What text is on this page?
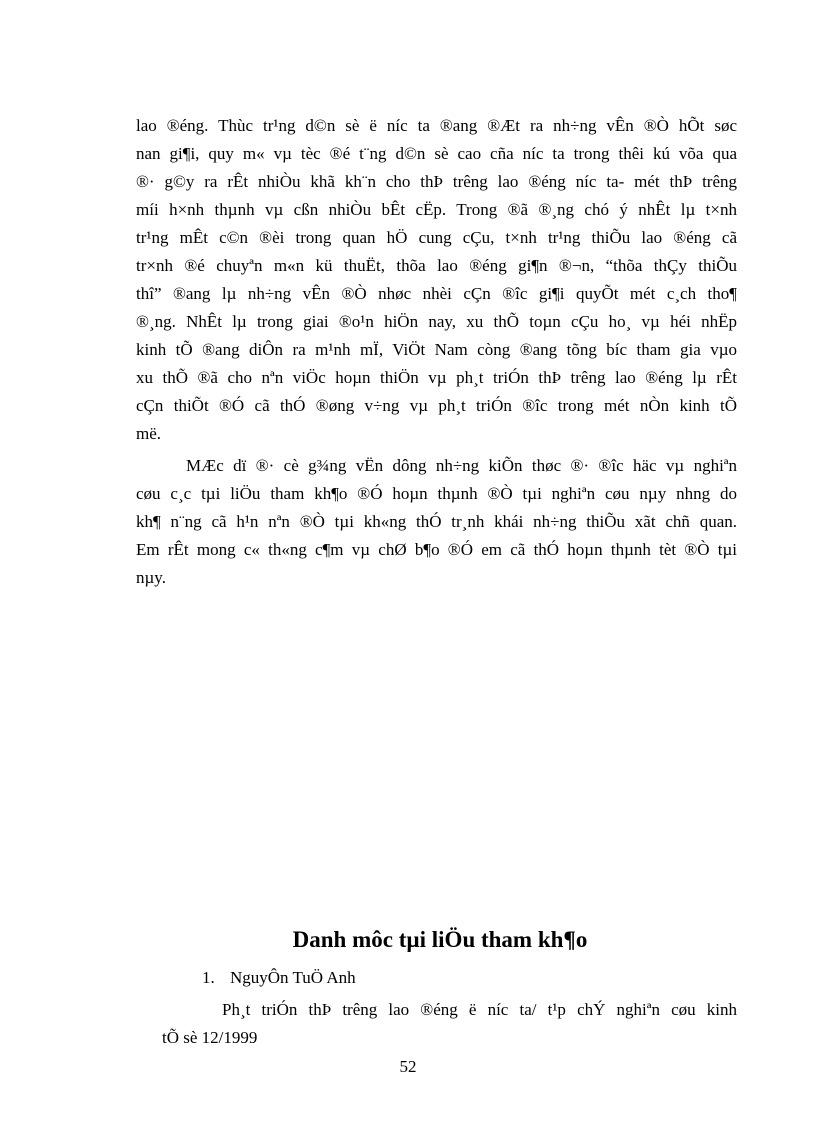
lao ®éng. Thùc tr¹ng d©n sè ë níc ta ®ang ®Æt ra nh÷ng vÊn ®Ò hÕt søc
nan gi¶i, quy m« vµ tèc ®é t¨ng d©n sè cao cña níc ta trong thêi kú võa qua
®· g©y ra rÊt nhiÒu khã kh¨n cho thÞ trêng lao ®éng níc ta- mét thÞ trêng
míi h×nh thµnh vµ cßn nhiÒu bÊt cËp. Trong ®ã ®¸ng chó ý nhÊt lµ t×nh
tr¹ng mÊt c©n ®èi trong quan hÖ cung cÇu, t×nh tr¹ng thiÕu lao ®éng cã
tr×nh ®é chuyªn m«n kü thuËt, thõa lao ®éng gi¶n ®¬n, “thõa thÇy thiÕu
thî” ®ang lµ nh÷ng vÊn ®Ò nhøc nhèi cÇn ®îc gi¶i quyÕt mét c¸ch tho¶
®¸ng. NhÊt lµ trong giai ®o¹n hiÖn nay, xu thÕ toµn cÇu ho¸ vµ héi nhËp
kinh tÕ ®ang diÔn ra m¹nh mÏ, ViÖt Nam còng ®ang tõng bíc tham gia vµo
xu thÕ ®ã cho nªn viÖc hoµn thiÖn vµ ph¸t triÓn thÞ trêng lao ®éng lµ rÊt
cÇn thiÕt ®Ó cã thÓ ®øng v÷ng vµ ph¸t triÓn ®îc trong mét nÒn kinh tÕ
më.
MÆc dï ®· cè g¾ng vËn dông nh÷ng kiÕn thøc ®· ®îc häc vµ nghiªn
cøu c¸c tµi liÖu tham kh¶o ®Ó hoµn thµnh ®Ò tµi nghiªn cøu nµy nhng do
kh¶ n¨ng cã h¹n nªn ®Ò tµi kh«ng thÓ tr¸nh khái nh÷ng thiÕu xãt chñ quan.
Em rÊt mong c« th«ng c¶m vµ chØ b¶o ®Ó em cã thÓ hoµn thµnh tèt ®Ò tµi
nµy.
Danh môc tµi liÖu tham kh¶o
1. NguyÔn TuÖ Anh
Ph¸t triÓn thÞ trêng lao ®éng ë níc ta/ t¹p chÝ nghiªn cøu kinh
tÕ sè 12/1999
52
